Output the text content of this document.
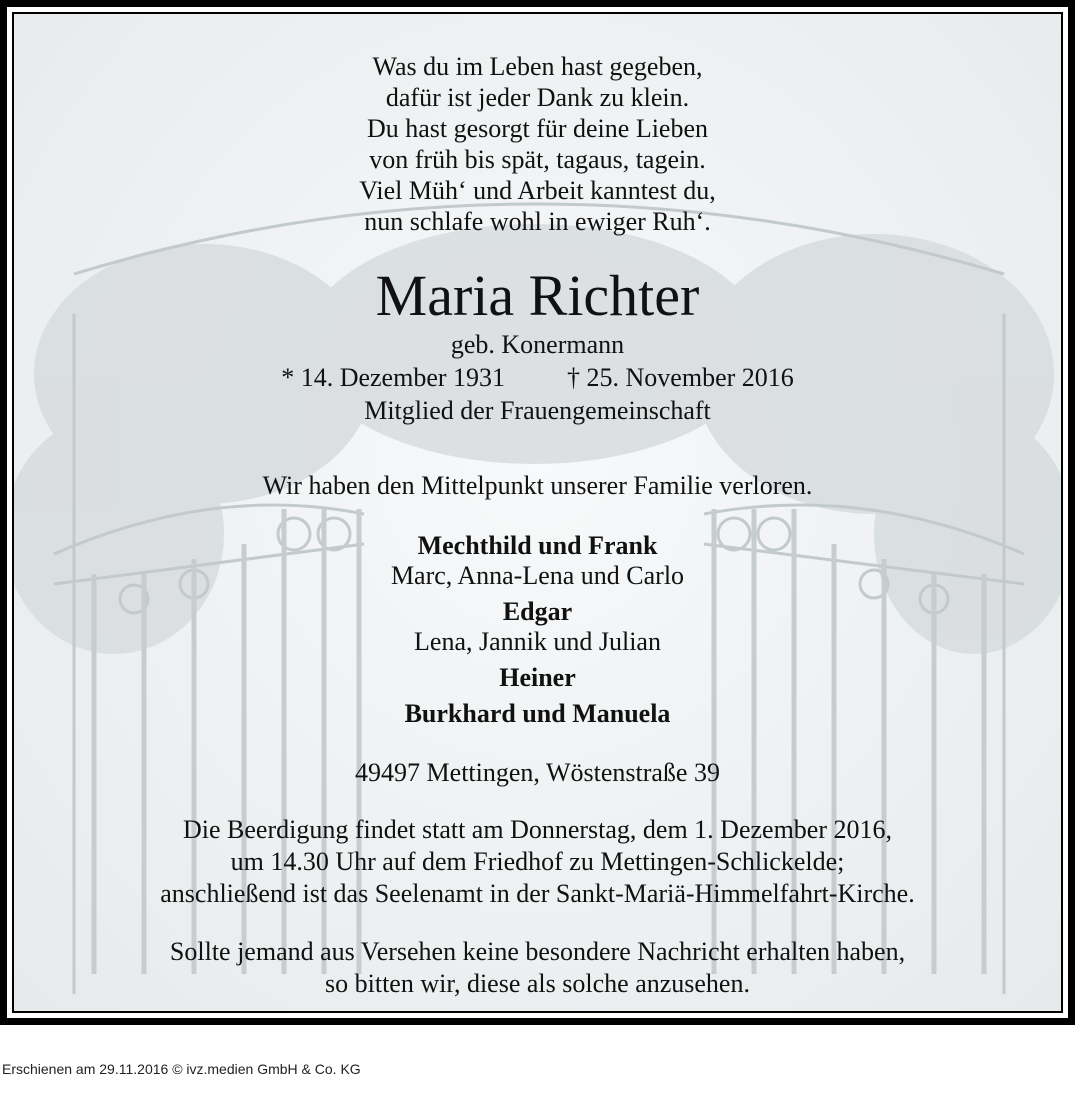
Was du im Leben hast gegeben,
dafür ist jeder Dank zu klein.
Du hast gesorgt für deine Lieben
von früh bis spät, tagaus, tagein.
Viel Müh‘ und Arbeit kanntest du,
nun schlafe wohl in ewiger Ruh‘.
Maria Richter
geb. Konermann
* 14. Dezember 1931 † 25. November 2016
Mitglied der Frauengemeinschaft
Wir haben den Mittelpunkt unserer Familie verloren.
Mechthild und Frank
Marc, Anna-Lena und Carlo
Edgar
Lena, Jannik und Julian
Heiner
Burkhard und Manuela
49497 Mettingen, Wöstenstraße 39
Die Beerdigung findet statt am Donnerstag, dem 1. Dezember 2016,
um 14.30 Uhr auf dem Friedhof zu Mettingen-Schlickelde;
anschließend ist das Seelenamt in der Sankt-Mariä-Himmelfahrt-Kirche.
Sollte jemand aus Versehen keine besondere Nachricht erhalten haben,
so bitten wir, diese als solche anzusehen.
Erschienen am 29.11.2016 © ivz.medien GmbH & Co. KG
